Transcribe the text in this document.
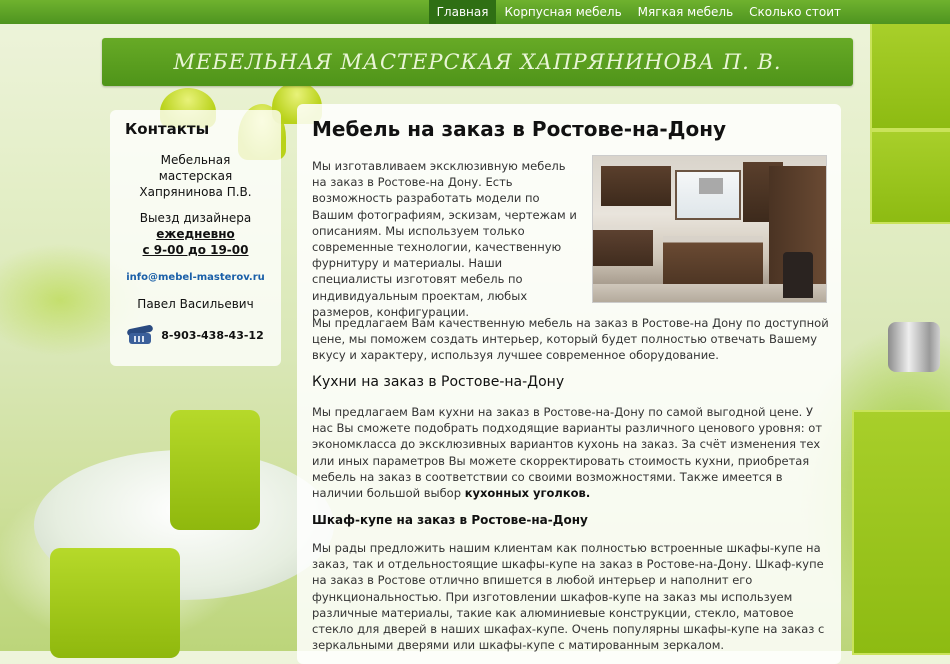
Главная	Корпусная мебель	Мягкая мебель	Сколько стоит
МЕБЕЛЬНАЯ МАСТЕРСКАЯ ХАПРЯНИНОВА П. В.
Контакты
Мебельная
мастерская
Хапрянинова П.В.
Выезд дизайнера
ежедневно
с 9-00 до 19-00
info@mebel-masterov.ru
Павел Васильевич
8-903-438-43-12
Мебель на заказ в Ростове-на-Дону

Мы изготавливаем эксклюзивную мебель на заказ в Ростове-на Дону. Есть возможность разработать модели по Вашим фотографиям, эскизам, чертежам и описаниям. Мы используем только современные технологии, качественную фурнитуру и материалы. Наши специалисты изготовят мебель по индивидуальным проектам, любых размеров, конфигурации.

Мы предлагаем Вам качественную мебель на заказ в Ростове-на Дону по доступной цене, мы поможем создать интерьер, который будет полностью отвечать Вашему вкусу и характеру, используя лучшее современное оборудование.

Кухни на заказ в Ростове-на-Дону

Мы предлагаем Вам кухни на заказ в Ростове-на-Дону по самой выгодной цене. У нас Вы сможете подобрать подходящие варианты различного ценового уровня: от экономкласса до эксклюзивных вариантов кухонь на заказ. За счёт изменения тех или иных параметров Вы можете скорректировать стоимость кухни, приобретая мебель на заказ в соответствии со своими возможностями. Также имеется в наличии большой выбор кухонных уголков.

Шкаф-купе на заказ в Ростове-на-Дону

Мы рады предложить нашим клиентам как полностью встроенные шкафы-купе на заказ, так и отдельностоящие шкафы-купе на заказ в Ростове-на-Дону. Шкаф-купе на заказ в Ростове отлично впишется в любой интерьер и наполнит его функциональностью. При изготовлении шкафов-купе на заказ мы используем различные материалы, такие как алюминиевые конструкции, стекло, матовое стекло для дверей в наших шкафах-купе. Очень популярны шкафы-купе на заказ с зеркальными дверями или шкафы-купе с матированным зеркалом.
